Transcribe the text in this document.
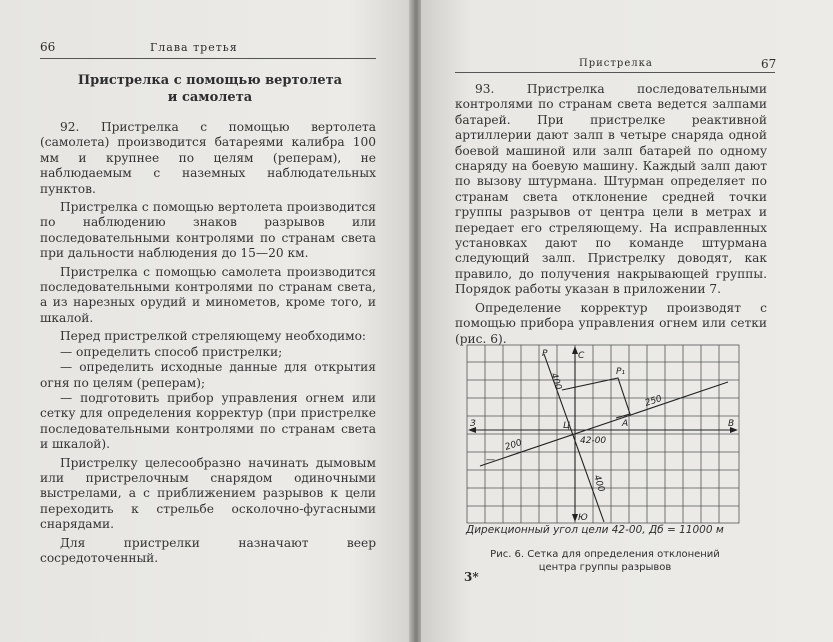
66	Глава третья
Пристрелка с помощью вертолета
и самолета

92. Пристрелка с помощью вертолета (самолета) производится батареями калибра 100 мм и крупнее по целям (реперам), не наблюдаемым с наземных наблюдательных пунктов.

Пристрелка с помощью вертолета производится по наблюдению знаков разрывов или последовательными контролями по странам света при дальности наблюдения до 15—20 км.

Пристрелка с помощью самолета производится последовательными контролями по странам света, а из нарезных орудий и минометов, кроме того, и шкалой.

Перед пристрелкой стреляющему необходимо:

— определить способ пристрелки;

— определить исходные данные для открытия огня по целям (реперам);

— подготовить прибор управления огнем или сетку для определения корректур (при пристрелке последовательными контролями по странам света и шкалой).

Пристрелку целесообразно начинать дымовым или пристрелочным снарядом одиночными выстрелами, а с приближением разрывов к цели переходить к стрельбе осколочно-фугасными снарядами.

Для пристрелки назначают веер сосредоточенный.

Пристрелка	67

93. Пристрелка последовательными контролями по странам света ведется залпами батарей. При пристрелке реактивной артиллерии дают залп в четыре снаряда одной боевой машиной или залп батарей по одному снаряду на боевую машину. Каждый залп дают по вызову штурмана. Штурман определяет по странам света отклонение средней точки группы разрывов от центра цели в метрах и передает его стреляющему. На исправленных установках дают по команде штурмана следующий залп. Пристрелку доводят, как правило, до получения накрывающей группы. Порядок работы указан в приложении 7.

Определение корректур производят с помощью прибора управления огнем или сетки (рис. 6).

С
Ю
З	В
Ц
42-00
А
Р₁
Р
400
400
200
250
—
Дирекционный угол цели 42-00, Дб = 11000 м
Рис. 6. Сетка для определения отклонений
центра группы разрывов
3*
